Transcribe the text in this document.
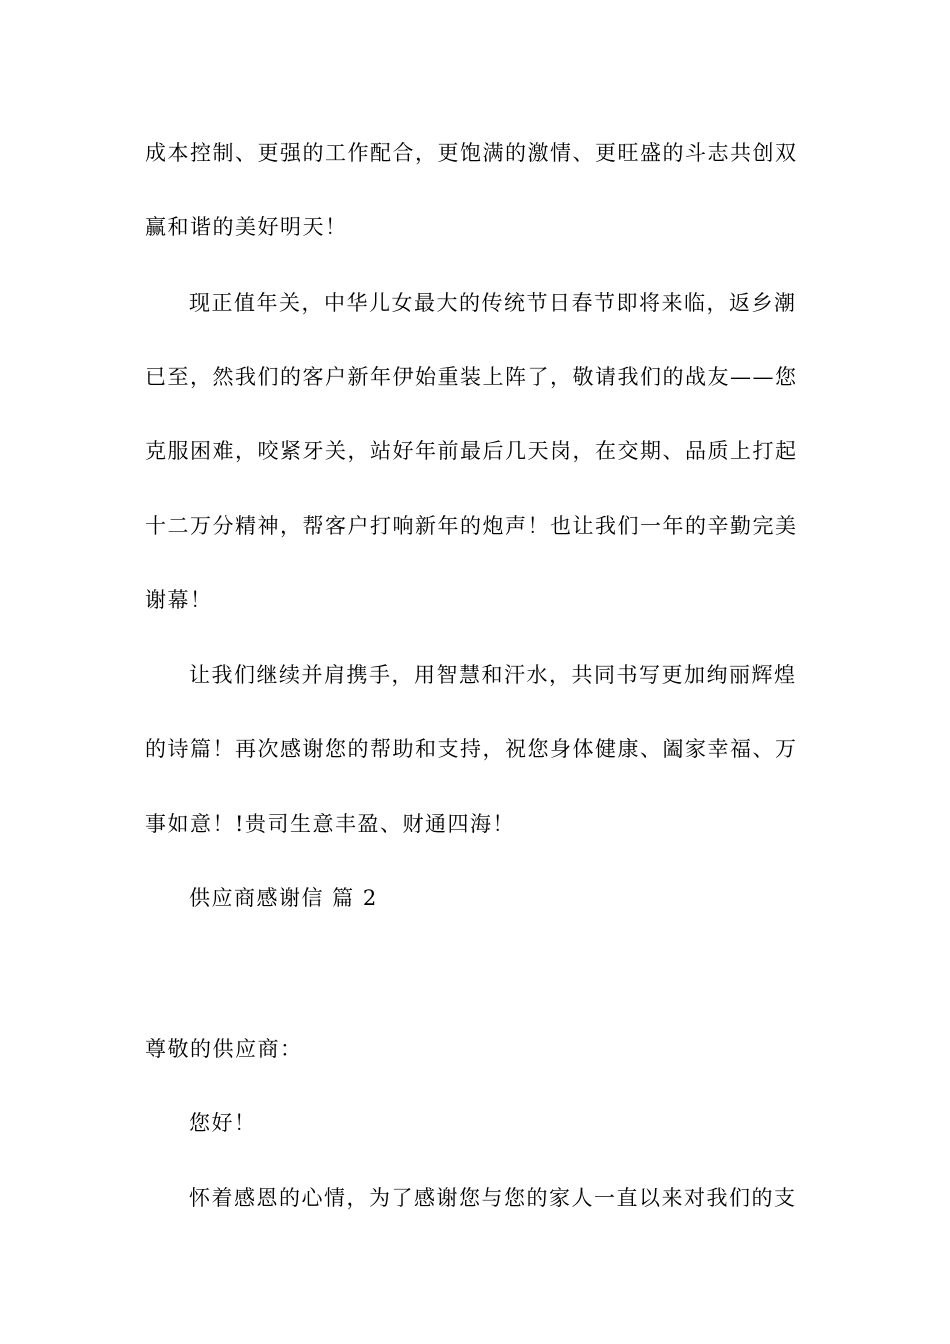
成本控制、更强的工作配合，更饱满的激情、更旺盛的斗志共创双
赢和谐的美好明天！
现正值年关，中华儿女最大的传统节日春节即将来临，返乡潮
已至，然我们的客户新年伊始重装上阵了，敬请我们的战友——您
克服困难，咬紧牙关，站好年前最后几天岗，在交期、品质上打起
十二万分精神，帮客户打响新年的炮声！也让我们一年的辛勤完美
谢幕！
让我们继续并肩携手，用智慧和汗水，共同书写更加绚丽辉煌
的诗篇！再次感谢您的帮助和支持，祝您身体健康、阖家幸福、万
事如意！!贵司生意丰盈、财通四海！
供应商感谢信 篇 2
尊敬的供应商：
您好！
怀着感恩的心情，为了感谢您与您的家人一直以来对我们的支
